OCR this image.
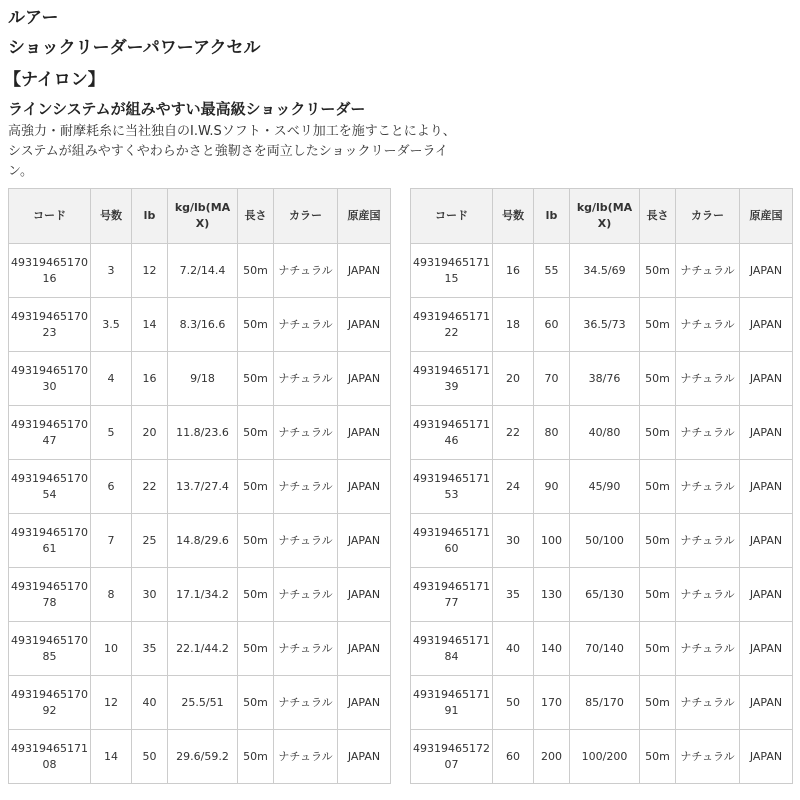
ルアー
ショックリーダーパワーアクセル
【ナイロン】
ラインシステムが組みやすい最高級ショックリーダー

高強力・耐摩耗糸に当社独自のI.W.Sソフト・スベリ加工を施すことにより、
システムが組みやすくやわらかさと強靭さを両立したショックリーダーライ
ン。

コード	号数	lb	kg/lb(MAX)	長さ	カラー	原産国
4931946517016	3	12	7.2/14.4	50m	ナチュラル	JAPAN
4931946517023	3.5	14	8.3/16.6	50m	ナチュラル	JAPAN
4931946517030	4	16	9/18	50m	ナチュラル	JAPAN
4931946517047	5	20	11.8/23.6	50m	ナチュラル	JAPAN
4931946517054	6	22	13.7/27.4	50m	ナチュラル	JAPAN
4931946517061	7	25	14.8/29.6	50m	ナチュラル	JAPAN
4931946517078	8	30	17.1/34.2	50m	ナチュラル	JAPAN
4931946517085	10	35	22.1/44.2	50m	ナチュラル	JAPAN
4931946517092	12	40	25.5/51	50m	ナチュラル	JAPAN
4931946517108	14	50	29.6/59.2	50m	ナチュラル	JAPAN
コード	号数	lb	kg/lb(MAX)	長さ	カラー	原産国
4931946517115	16	55	34.5/69	50m	ナチュラル	JAPAN
4931946517122	18	60	36.5/73	50m	ナチュラル	JAPAN
4931946517139	20	70	38/76	50m	ナチュラル	JAPAN
4931946517146	22	80	40/80	50m	ナチュラル	JAPAN
4931946517153	24	90	45/90	50m	ナチュラル	JAPAN
4931946517160	30	100	50/100	50m	ナチュラル	JAPAN
4931946517177	35	130	65/130	50m	ナチュラル	JAPAN
4931946517184	40	140	70/140	50m	ナチュラル	JAPAN
4931946517191	50	170	85/170	50m	ナチュラル	JAPAN
4931946517207	60	200	100/200	50m	ナチュラル	JAPAN
